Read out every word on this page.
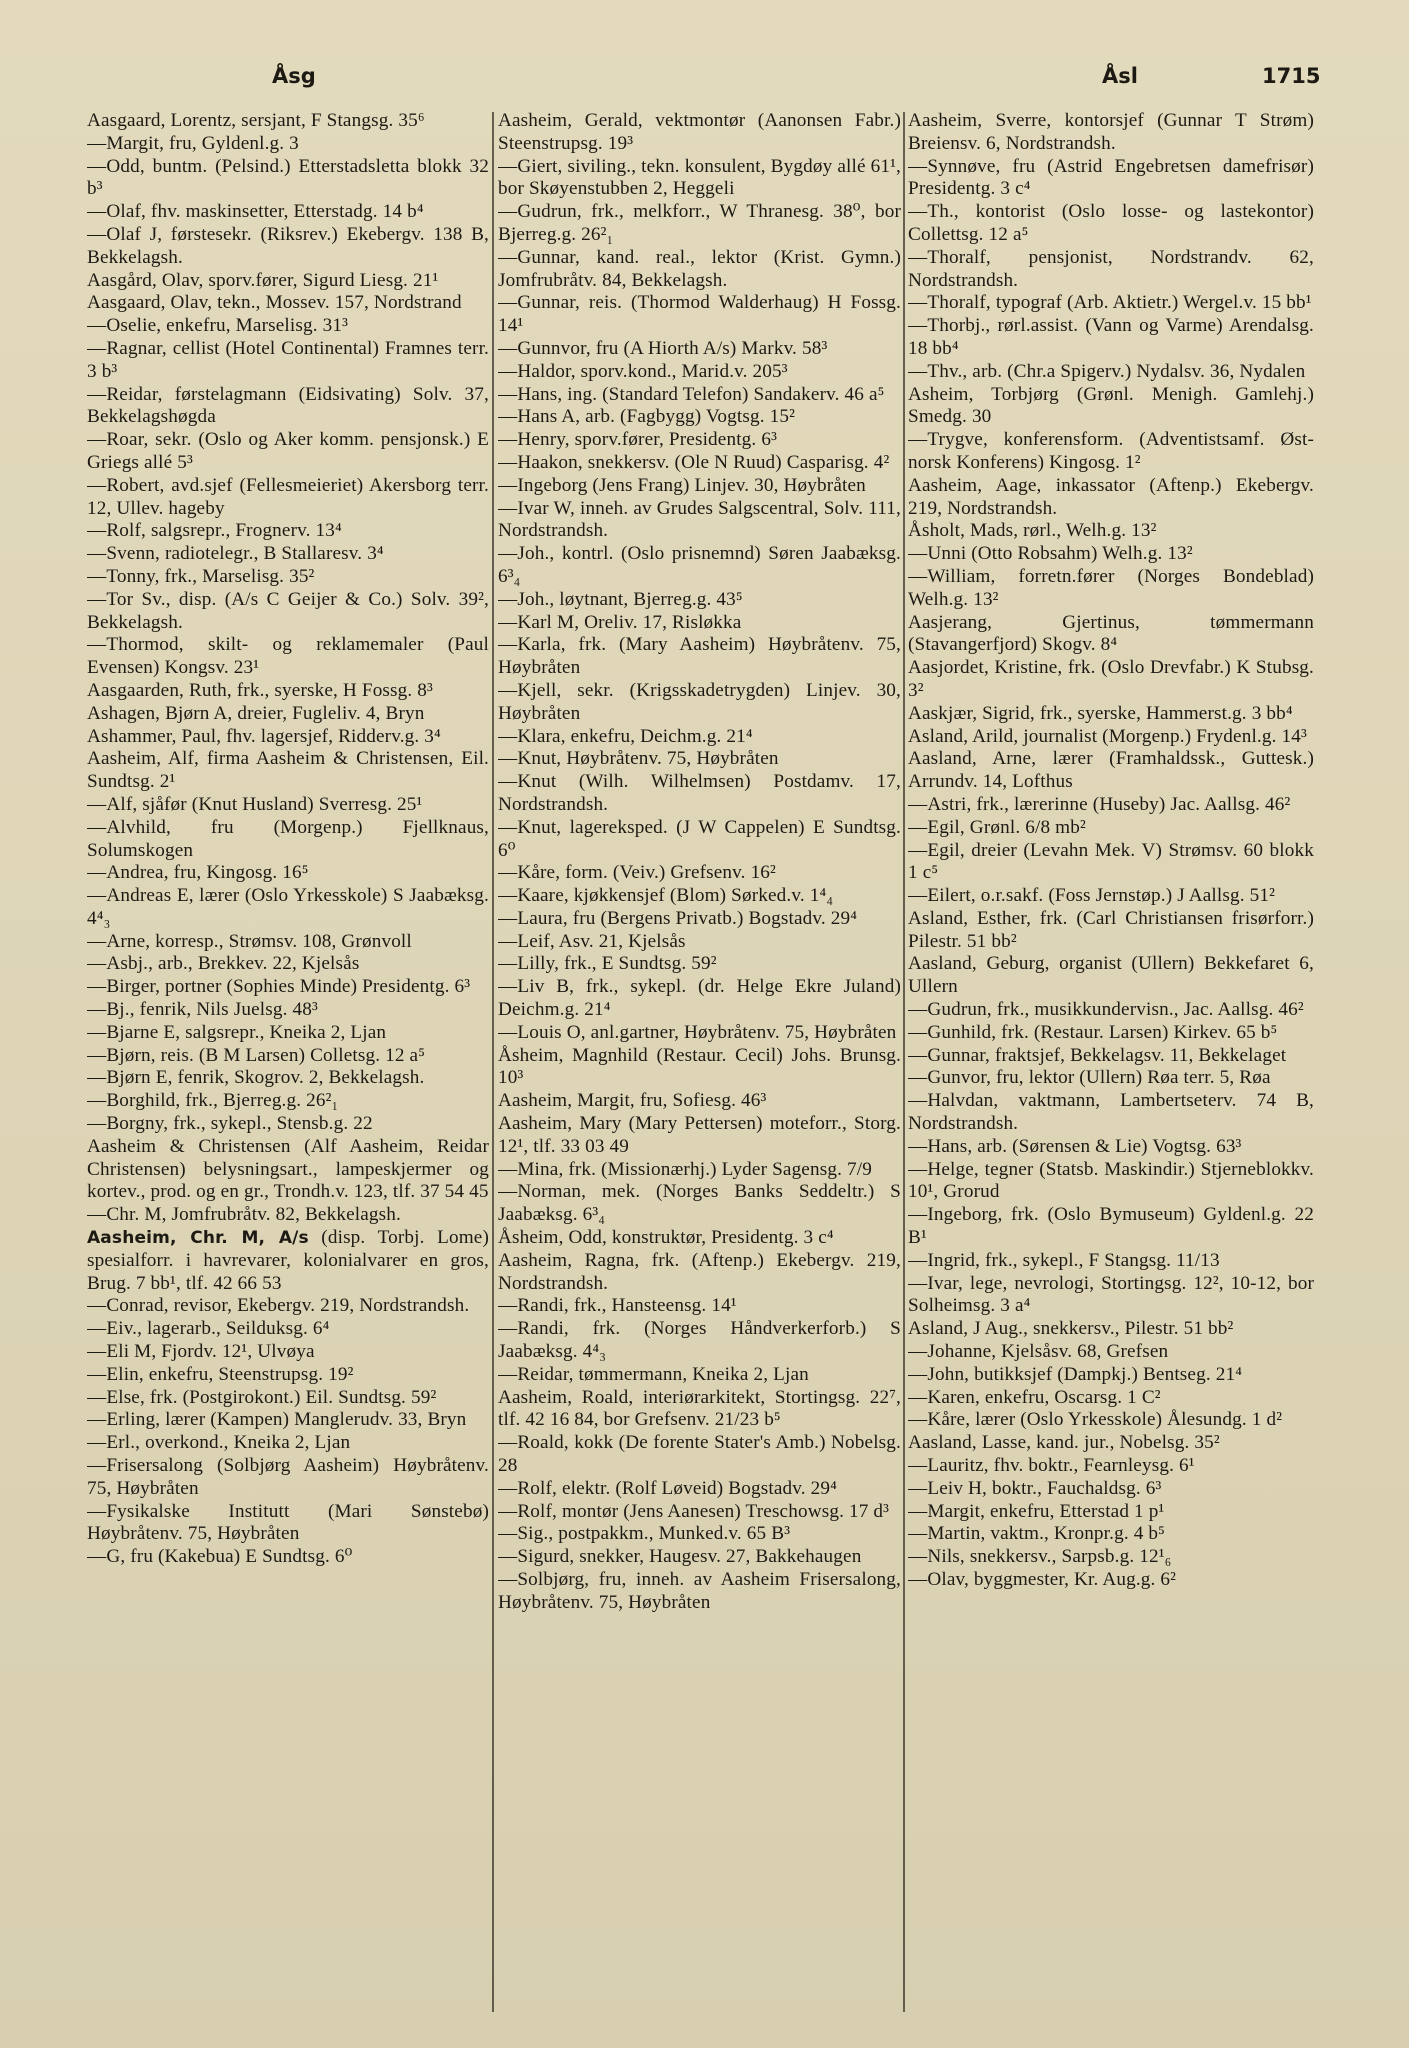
Åsg	Åsl	1715
Aasgaard, Lorentz, sersjant, F Stangsg. 35⁶
—Margit, fru, Gyldenl.g. 3
—Odd, buntm. (Pelsind.) Etterstadsletta blokk 32 b³
—Olaf, fhv. maskinsetter, Etterstadg. 14 b⁴
—Olaf J, førstesekr. (Riksrev.) Ekebergv. 138 B, Bekkelagsh.
Aasgård, Olav, sporv.fører, Sigurd Liesg. 21¹
Aasgaard, Olav, tekn., Mossev. 157, Nordstrand
—Oselie, enkefru, Marselisg. 31³
—Ragnar, cellist (Hotel Continental) Framnes terr. 3 b³
—Reidar, førstelagmann (Eidsivating) Solv. 37, Bekkelagshøgda
—Roar, sekr. (Oslo og Aker komm. pensjonsk.) E Griegs allé 5³
—Robert, avd.sjef (Fellesmeieriet) Akersborg terr. 12, Ullev. hageby
—Rolf, salgsrepr., Frognerv. 13⁴
—Svenn, radiotelegr., B Stallaresv. 3⁴
—Tonny, frk., Marselisg. 35²
—Tor Sv., disp. (A/s C Geijer & Co.) Solv. 39², Bekkelagsh.
—Thormod, skilt- og reklamemaler (Paul Evensen) Kongsv. 23¹
Aasgaarden, Ruth, frk., syerske, H Fossg. 8³
Ashagen, Bjørn A, dreier, Fugleliv. 4, Bryn
Ashammer, Paul, fhv. lagersjef, Ridderv.g. 3⁴
Aasheim, Alf, firma Aasheim & Christensen, Eil. Sundtsg. 2¹
—Alf, sjåfør (Knut Husland) Sverresg. 25¹
—Alvhild, fru (Morgenp.) Fjellknaus, Solumskogen
—Andrea, fru, Kingosg. 16⁵
—Andreas E, lærer (Oslo Yrkesskole) S Jaabæksg. 4⁴₃
—Arne, korresp., Strømsv. 108, Grønvoll
—Asbj., arb., Brekkev. 22, Kjelsås
—Birger, portner (Sophies Minde) Presidentg. 6³
—Bj., fenrik, Nils Juelsg. 48³
—Bjarne E, salgsrepr., Kneika 2, Ljan
—Bjørn, reis. (B M Larsen) Colletsg. 12 a⁵
—Bjørn E, fenrik, Skogrov. 2, Bekkelagsh.
—Borghild, frk., Bjerreg.g. 26²₁
—Borgny, frk., sykepl., Stensb.g. 22
Aasheim & Christensen (Alf Aasheim, Reidar Christensen) belysningsart., lampeskjermer og kortev., prod. og en gr., Trondh.v. 123, tlf. 37 54 45
—Chr. M, Jomfrubråtv. 82, Bekkelagsh.
Aasheim, Chr. M, A/s (disp. Torbj. Lome) spesialforr. i havrevarer, kolonialvarer en gros, Brug. 7 bb¹, tlf. 42 66 53
—Conrad, revisor, Ekebergv. 219, Nordstrandsh.
—Eiv., lagerarb., Seilduksg. 6⁴
—Eli M, Fjordv. 12¹, Ulvøya
—Elin, enkefru, Steenstrupsg. 19²
—Else, frk. (Postgirokont.) Eil. Sundtsg. 59²
—Erling, lærer (Kampen) Manglerudv. 33, Bryn
—Erl., overkond., Kneika 2, Ljan
—Frisersalong (Solbjørg Aasheim) Høybråtenv. 75, Høybråten
—Fysikalske Institutt (Mari Sønstebø) Høybråtenv. 75, Høybråten
—G, fru (Kakebua) E Sundtsg. 6⁰
Aasheim, Gerald, vektmontør (Aanonsen Fabr.) Steenstrupsg. 19³
—Giert, siviling., tekn. konsulent, Bygdøy allé 61¹, bor Skøyenstubben 2, Heggeli
—Gudrun, frk., melkforr., W Thranesg. 38⁰, bor Bjerreg.g. 26²₁
—Gunnar, kand. real., lektor (Krist. Gymn.) Jomfrubråtv. 84, Bekkelagsh.
—Gunnar, reis. (Thormod Walderhaug) H Fossg. 14¹
—Gunnvor, fru (A Hiorth A/s) Markv. 58³
—Haldor, sporv.kond., Marid.v. 205³
—Hans, ing. (Standard Telefon) Sandakerv. 46 a⁵
—Hans A, arb. (Fagbygg) Vogtsg. 15²
—Henry, sporv.fører, Presidentg. 6³
—Haakon, snekkersv. (Ole N Ruud) Casparisg. 4²
—Ingeborg (Jens Frang) Linjev. 30, Høybråten
—Ivar W, inneh. av Grudes Salgscentral, Solv. 111, Nordstrandsh.
—Joh., kontrl. (Oslo prisnemnd) Søren Jaabæksg. 6³₄
—Joh., løytnant, Bjerreg.g. 43⁵
—Karl M, Oreliv. 17, Risløkka
—Karla, frk. (Mary Aasheim) Høybråtenv. 75, Høybråten
—Kjell, sekr. (Krigsskadetrygden) Linjev. 30, Høybråten
—Klara, enkefru, Deichm.g. 21⁴
—Knut, Høybråtenv. 75, Høybråten
—Knut (Wilh. Wilhelmsen) Postdamv. 17, Nordstrandsh.
—Knut, lagereksped. (J W Cappelen) E Sundtsg. 6⁰
—Kåre, form. (Veiv.) Grefsenv. 16²
—Kaare, kjøkkensjef (Blom) Sørked.v. 1⁴₄
—Laura, fru (Bergens Privatb.) Bogstadv. 29⁴
—Leif, Asv. 21, Kjelsås
—Lilly, frk., E Sundtsg. 59²
—Liv B, frk., sykepl. (dr. Helge Ekre Juland) Deichm.g. 21⁴
—Louis O, anl.gartner, Høybråtenv. 75, Høybråten
Åsheim, Magnhild (Restaur. Cecil) Johs. Brunsg. 10³
Aasheim, Margit, fru, Sofiesg. 46³
Aasheim, Mary (Mary Pettersen) moteforr., Storg. 12¹, tlf. 33 03 49
—Mina, frk. (Missionærhj.) Lyder Sagensg. 7/9
—Norman, mek. (Norges Banks Seddeltr.) S Jaabæksg. 6³₄
Åsheim, Odd, konstruktør, Presidentg. 3 c⁴
Aasheim, Ragna, frk. (Aftenp.) Ekebergv. 219, Nordstrandsh.
—Randi, frk., Hansteensg. 14¹
—Randi, frk. (Norges Håndverkerforb.) S Jaabæksg. 4⁴₃
—Reidar, tømmermann, Kneika 2, Ljan
Aasheim, Roald, interiørarkitekt, Stortingsg. 22⁷, tlf. 42 16 84, bor Grefsenv. 21/23 b⁵
—Roald, kokk (De forente Stater's Amb.) Nobelsg. 28
—Rolf, elektr. (Rolf Løveid) Bogstadv. 29⁴
—Rolf, montør (Jens Aanesen) Treschowsg. 17 d³
—Sig., postpakkm., Munked.v. 65 B³
—Sigurd, snekker, Haugesv. 27, Bakkehaugen
—Solbjørg, fru, inneh. av Aasheim Frisersalong, Høybråtenv. 75, Høybråten
Aasheim, Sverre, kontorsjef (Gunnar T Strøm) Breiensv. 6, Nordstrandsh.
—Synnøve, fru (Astrid Engebretsen damefrisør) Presidentg. 3 c⁴
—Th., kontorist (Oslo losse- og lastekontor) Collettsg. 12 a⁵
—Thoralf, pensjonist, Nordstrandv. 62, Nordstrandsh.
—Thoralf, typograf (Arb. Aktietr.) Wergel.v. 15 bb¹
—Thorbj., rørl.assist. (Vann og Varme) Arendalsg. 18 bb⁴
—Thv., arb. (Chr.a Spigerv.) Nydalsv. 36, Nydalen
Asheim, Torbjørg (Grønl. Menigh. Gamlehj.) Smedg. 30
—Trygve, konferensform. (Adventistsamf. Øst-norsk Konferens) Kingosg. 1²
Aasheim, Aage, inkassator (Aftenp.) Ekebergv. 219, Nordstrandsh.
Åsholt, Mads, rørl., Welh.g. 13²
—Unni (Otto Robsahm) Welh.g. 13²
—William, forretn.fører (Norges Bondeblad) Welh.g. 13²
Aasjerang, Gjertinus, tømmermann (Stavangerfjord) Skogv. 8⁴
Aasjordet, Kristine, frk. (Oslo Drevfabr.) K Stubsg. 3²
Aaskjær, Sigrid, frk., syerske, Hammerst.g. 3 bb⁴
Asland, Arild, journalist (Morgenp.) Frydenl.g. 14³
Aasland, Arne, lærer (Framhaldssk., Guttesk.) Arrundv. 14, Lofthus
—Astri, frk., lærerinne (Huseby) Jac. Aallsg. 46²
—Egil, Grønl. 6/8 mb²
—Egil, dreier (Levahn Mek. V) Strømsv. 60 blokk 1 c⁵
—Eilert, o.r.sakf. (Foss Jernstøp.) J Aallsg. 51²
Asland, Esther, frk. (Carl Christiansen frisørforr.) Pilestr. 51 bb²
Aasland, Geburg, organist (Ullern) Bekkefaret 6, Ullern
—Gudrun, frk., musikkundervisn., Jac. Aallsg. 46²
—Gunhild, frk. (Restaur. Larsen) Kirkev. 65 b⁵
—Gunnar, fraktsjef, Bekkelagsv. 11, Bekkelaget
—Gunvor, fru, lektor (Ullern) Røa terr. 5, Røa
—Halvdan, vaktmann, Lambertseterv. 74 B, Nordstrandsh.
—Hans, arb. (Sørensen & Lie) Vogtsg. 63³
—Helge, tegner (Statsb. Maskindir.) Stjerneblokkv. 10¹, Grorud
—Ingeborg, frk. (Oslo Bymuseum) Gyldenl.g. 22 B¹
—Ingrid, frk., sykepl., F Stangsg. 11/13
—Ivar, lege, nevrologi, Stortingsg. 12², 10-12, bor Solheimsg. 3 a⁴
Asland, J Aug., snekkersv., Pilestr. 51 bb²
—Johanne, Kjelsåsv. 68, Grefsen
—John, butikksjef (Dampkj.) Bentseg. 21⁴
—Karen, enkefru, Oscarsg. 1 C²
—Kåre, lærer (Oslo Yrkesskole) Ålesundg. 1 d²
Aasland, Lasse, kand. jur., Nobelsg. 35²
—Lauritz, fhv. boktr., Fearnleysg. 6¹
—Leiv H, boktr., Fauchaldsg. 6³
—Margit, enkefru, Etterstad 1 p¹
—Martin, vaktm., Kronpr.g. 4 b⁵
—Nils, snekkersv., Sarpsb.g. 12¹₆
—Olav, byggmester, Kr. Aug.g. 6²
